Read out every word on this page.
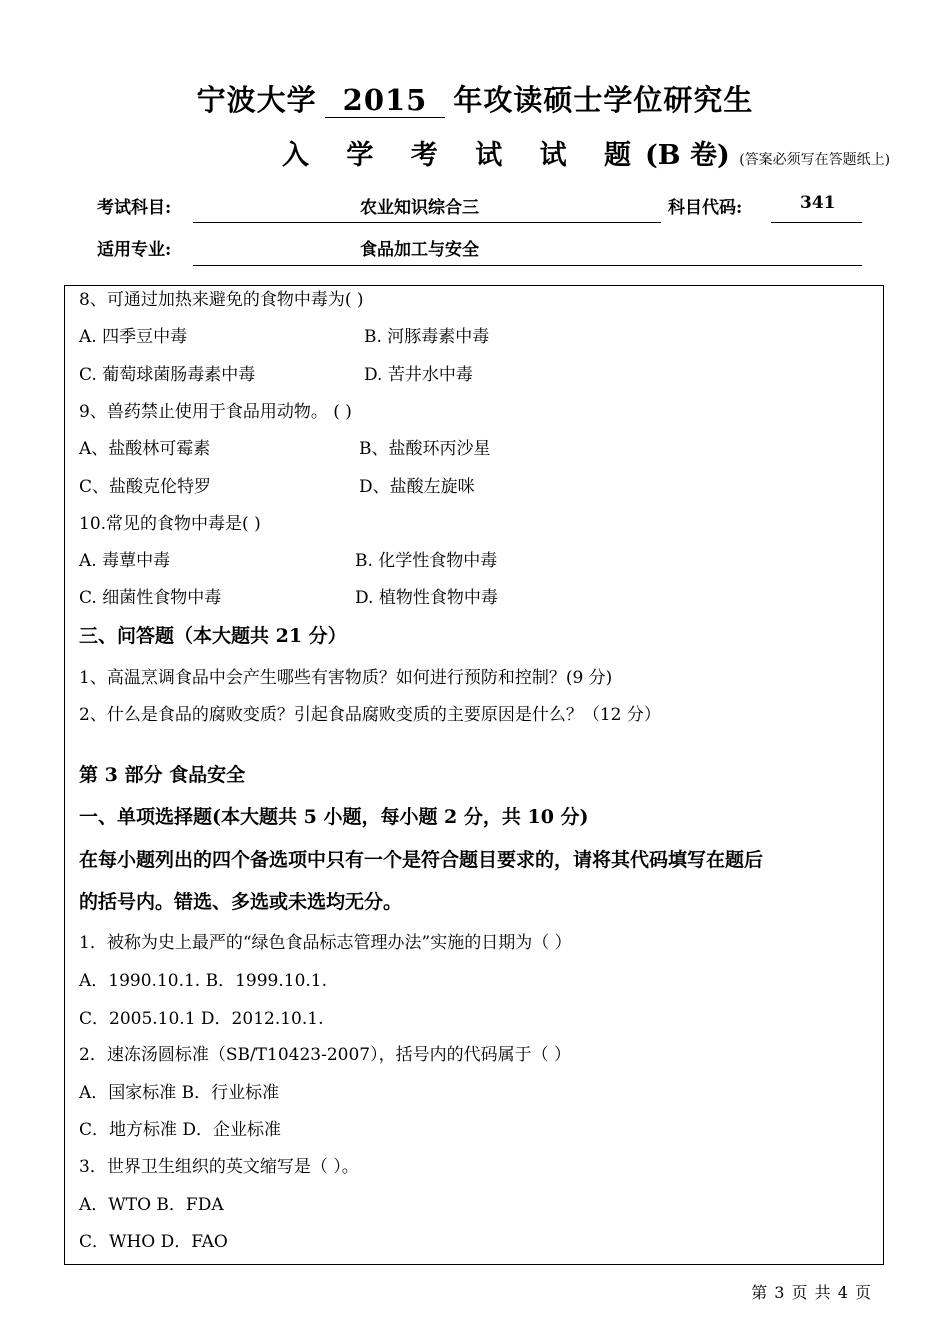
宁波大学 2015 年攻读硕士学位研究生
入 学 考 试 试 题(B 卷) (答案必须写在答题纸上)
考试科目:	农业知识综合三	科目代码:	341
适用专业:	食品加工与安全
8、可通过加热来避免的食物中毒为( )
A. 四季豆中毒	B. 河豚毒素中毒
C. 葡萄球菌肠毒素中毒	D. 苦井水中毒
9、兽药禁止使用于食品用动物。 ( )
A、盐酸林可霉素	B、盐酸环丙沙星
C、盐酸克伦特罗	D、盐酸左旋咪
10.常见的食物中毒是( )
A. 毒蕈中毒	B. 化学性食物中毒
C. 细菌性食物中毒	D. 植物性食物中毒
三、问答题（本大题共 21 分）
1、高温烹调食品中会产生哪些有害物质？如何进行预防和控制？(9 分)
2、什么是食品的腐败变质？引起食品腐败变质的主要原因是什么？（12 分）
第 3 部分 食品安全
一、单项选择题(本大题共 5 小题，每小题 2 分，共 10 分)
在每小题列出的四个备选项中只有一个是符合题目要求的，请将其代码填写在题后
的括号内。错选、多选或未选均无分。
1．被称为史上最严的“绿色食品标志管理办法”实施的日期为（ ）
A．1990.10.1. B．1999.10.1.
C．2005.10.1 D．2012.10.1.
2．速冻汤圆标准（SB/T10423-2007），括号内的代码属于（ ）
A．国家标准 B．行业标准
C．地方标准 D．企业标准
3．世界卫生组织的英文缩写是（ ）。
A．WTO B．FDA
C．WHO D．FAO
第 3 页 共 4 页
